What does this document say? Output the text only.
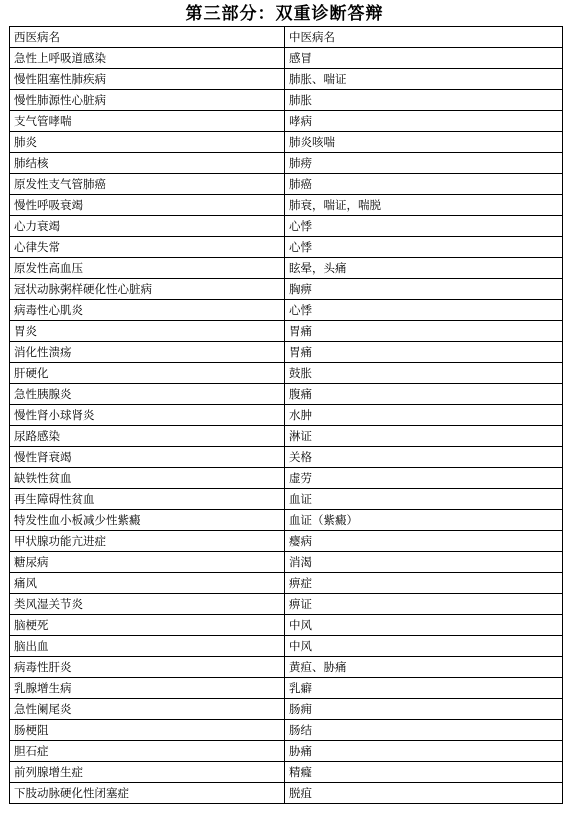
第三部分：双重诊断答辩
西医病名	中医病名
急性上呼吸道感染	感冒
慢性阻塞性肺疾病	肺胀、喘证
慢性肺源性心脏病	肺胀
支气管哮喘	哮病
肺炎	肺炎咳喘
肺结核	肺痨
原发性支气管肺癌	肺癌
慢性呼吸衰竭	肺衰，喘证，喘脱
心力衰竭	心悸
心律失常	心悸
原发性高血压	眩晕，头痛
冠状动脉粥样硬化性心脏病	胸痹
病毒性心肌炎	心悸
胃炎	胃痛
消化性溃疡	胃痛
肝硬化	鼓胀
急性胰腺炎	腹痛
慢性肾小球肾炎	水肿
尿路感染	淋证
慢性肾衰竭	关格
缺铁性贫血	虚劳
再生障碍性贫血	血证
特发性血小板减少性紫癜	血证（紫癜）
甲状腺功能亢进症	瘿病
糖尿病	消渴
痛风	痹症
类风湿关节炎	痹证
脑梗死	中风
脑出血	中风
病毒性肝炎	黄疸、胁痛
乳腺增生病	乳癖
急性阑尾炎	肠痈
肠梗阻	肠结
胆石症	胁痛
前列腺增生症	精癃
下肢动脉硬化性闭塞症	脱疽
